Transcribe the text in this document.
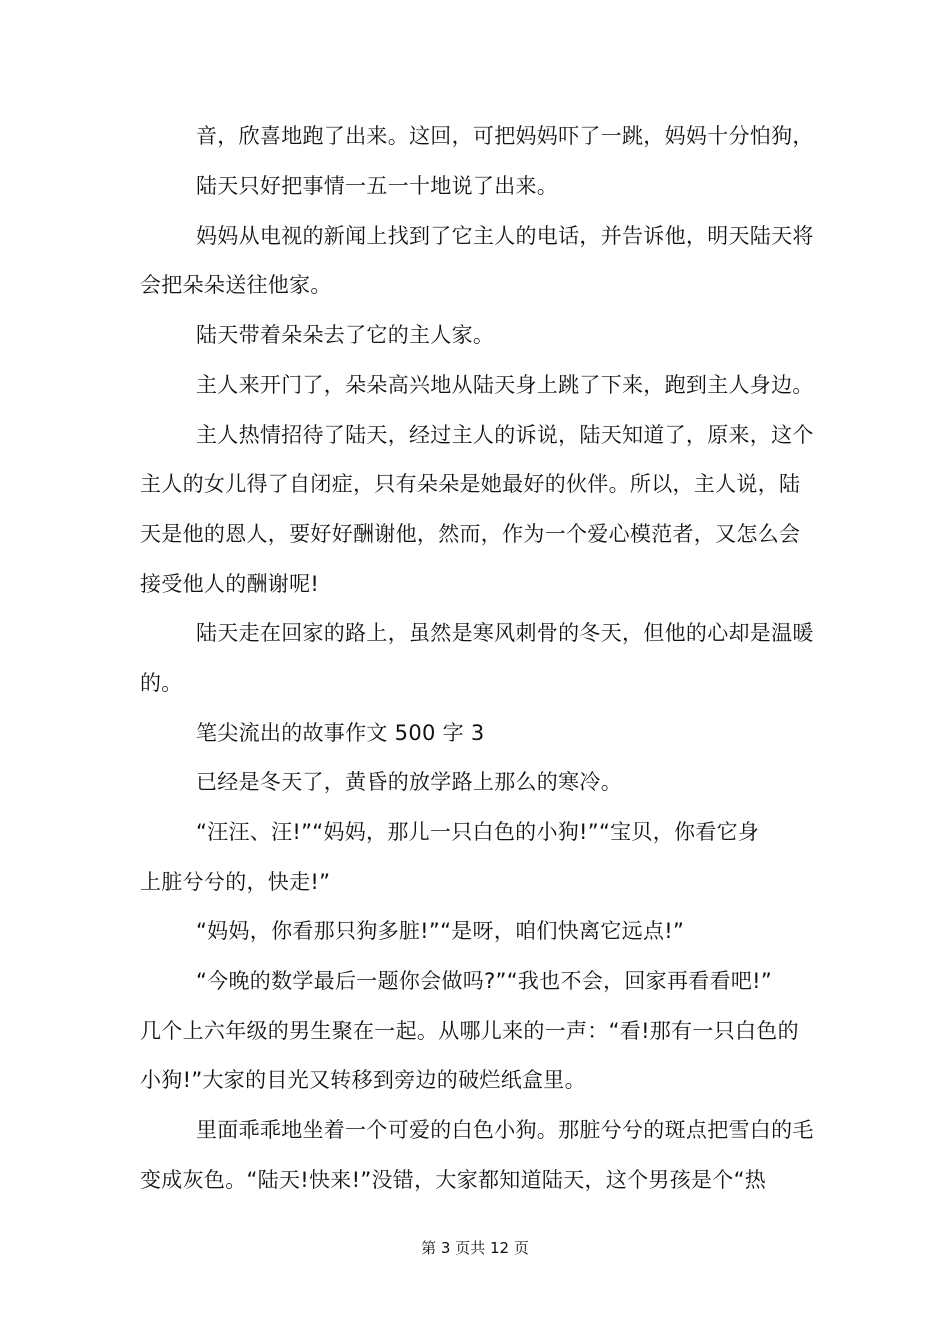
音，欣喜地跑了出来。这回，可把妈妈吓了一跳，妈妈十分怕狗，
陆天只好把事情一五一十地说了出来。
妈妈从电视的新闻上找到了它主人的电话，并告诉他，明天陆天将
会把朵朵送往他家。
陆天带着朵朵去了它的主人家。
主人来开门了，朵朵高兴地从陆天身上跳了下来，跑到主人身边。
主人热情招待了陆天，经过主人的诉说，陆天知道了，原来，这个
主人的女儿得了自闭症，只有朵朵是她最好的伙伴。所以，主人说，陆
天是他的恩人，要好好酬谢他，然而，作为一个爱心模范者，又怎么会
接受他人的酬谢呢!
陆天走在回家的路上，虽然是寒风刺骨的冬天，但他的心却是温暖
的。
笔尖流出的故事作文 500 字 3
已经是冬天了，黄昏的放学路上那么的寒冷。
“汪汪、汪!”“妈妈，那儿一只白色的小狗!”“宝贝，你看它身
上脏兮兮的，快走!”
“妈妈，你看那只狗多脏!”“是呀，咱们快离它远点!”
“今晚的数学最后一题你会做吗?”“我也不会，回家再看看吧!”
几个上六年级的男生聚在一起。从哪儿来的一声：“看!那有一只白色的
小狗!”大家的目光又转移到旁边的破烂纸盒里。
里面乖乖地坐着一个可爱的白色小狗。那脏兮兮的斑点把雪白的毛
变成灰色。“陆天!快来!”没错，大家都知道陆天，这个男孩是个“热
第 3 页共 12 页
